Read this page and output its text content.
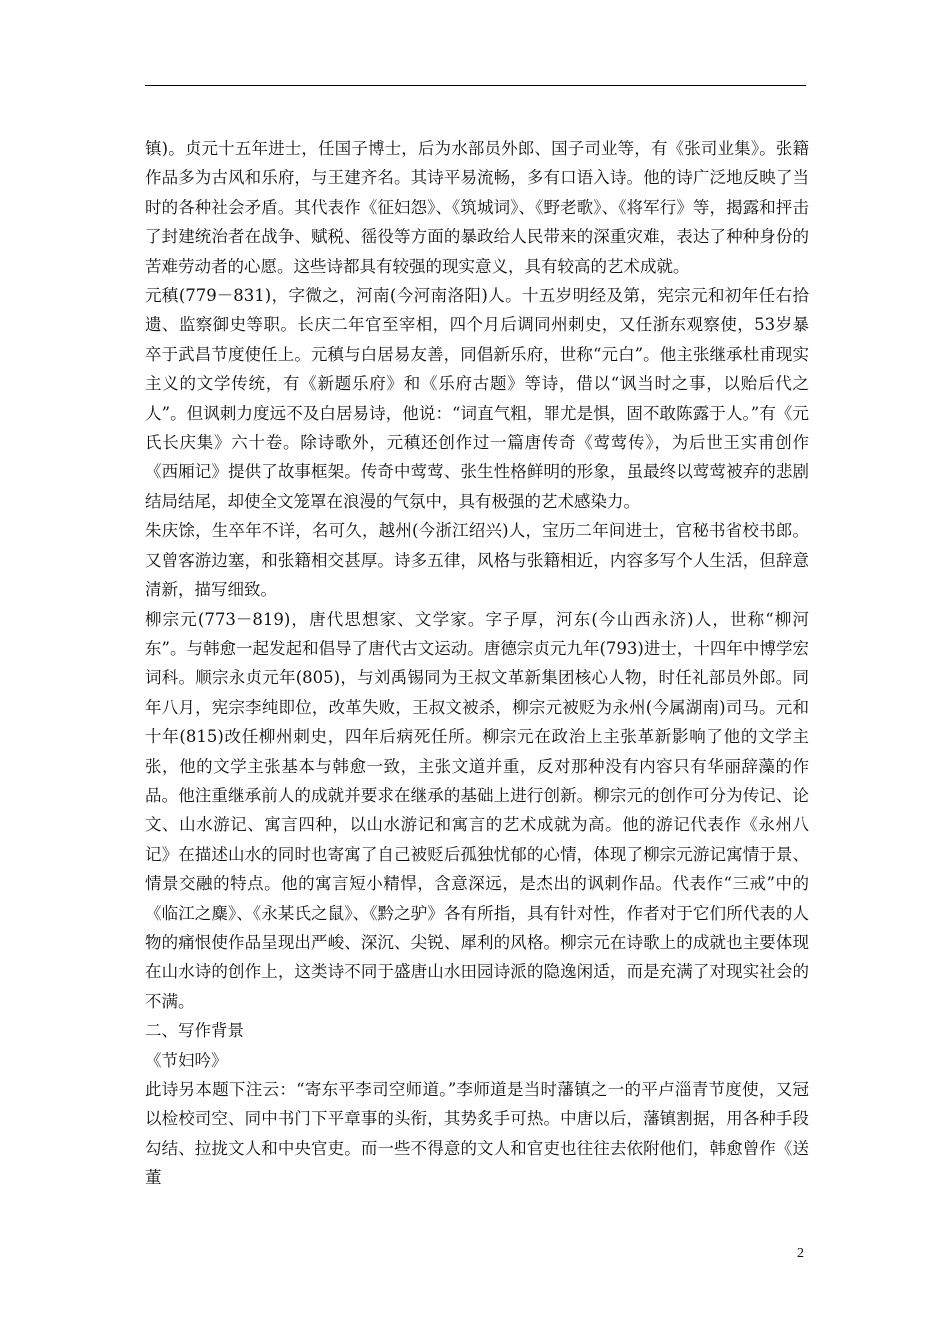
镇)。贞元十五年进士，任国子博士，后为水部员外郎、国子司业等，有《张司业集》。张籍作品多为古风和乐府，与王建齐名。其诗平易流畅，多有口语入诗。他的诗广泛地反映了当时的各种社会矛盾。其代表作《征妇怨》、《筑城词》、《野老歌》、《将军行》等，揭露和抨击了封建统治者在战争、赋税、徭役等方面的暴政给人民带来的深重灾难，表达了种种身份的苦难劳动者的心愿。这些诗都具有较强的现实意义，具有较高的艺术成就。

元稹(779－831)，字微之，河南(今河南洛阳)人。十五岁明经及第，宪宗元和初年任右拾遗、监察御史等职。长庆二年官至宰相，四个月后调同州刺史，又任浙东观察使，53岁暴卒于武昌节度使任上。元稹与白居易友善，同倡新乐府，世称“元白”。他主张继承杜甫现实主义的文学传统，有《新题乐府》和《乐府古题》等诗，借以“讽当时之事，以贻后代之人”。但讽刺力度远不及白居易诗，他说：“词直气粗，罪尤是惧，固不敢陈露于人。”有《元氏长庆集》六十卷。除诗歌外，元稹还创作过一篇唐传奇《莺莺传》，为后世王实甫创作《西厢记》提供了故事框架。传奇中莺莺、张生性格鲜明的形象，虽最终以莺莺被弃的悲剧结局结尾，却使全文笼罩在浪漫的气氛中，具有极强的艺术感染力。

朱庆馀，生卒年不详，名可久，越州(今浙江绍兴)人，宝历二年间进士，官秘书省校书郎。又曾客游边塞，和张籍相交甚厚。诗多五律，风格与张籍相近，内容多写个人生活，但辞意清新，描写细致。

柳宗元(773－819)，唐代思想家、文学家。字子厚，河东(今山西永济)人，世称“柳河东”。与韩愈一起发起和倡导了唐代古文运动。唐德宗贞元九年(793)进士，十四年中博学宏词科。顺宗永贞元年(805)，与刘禹锡同为王叔文革新集团核心人物，时任礼部员外郎。同年八月，宪宗李纯即位，改革失败，王叔文被杀，柳宗元被贬为永州(今属湖南)司马。元和十年(815)改任柳州刺史，四年后病死任所。柳宗元在政治上主张革新影响了他的文学主张，他的文学主张基本与韩愈一致，主张文道并重，反对那种没有内容只有华丽辞藻的作品。他注重继承前人的成就并要求在继承的基础上进行创新。柳宗元的创作可分为传记、论文、山水游记、寓言四种，以山水游记和寓言的艺术成就为高。他的游记代表作《永州八记》在描述山水的同时也寄寓了自己被贬后孤独忧郁的心情，体现了柳宗元游记寓情于景、情景交融的特点。他的寓言短小精悍，含意深远，是杰出的讽刺作品。代表作“三戒”中的《临江之麋》、《永某氏之鼠》、《黔之驴》各有所指，具有针对性，作者对于它们所代表的人物的痛恨使作品呈现出严峻、深沉、尖锐、犀利的风格。柳宗元在诗歌上的成就也主要体现在山水诗的创作上，这类诗不同于盛唐山水田园诗派的隐逸闲适，而是充满了对现实社会的不满。

二、写作背景

《节妇吟》

此诗另本题下注云：“寄东平李司空师道。”李师道是当时藩镇之一的平卢淄青节度使，又冠以检校司空、同中书门下平章事的头衔，其势炙手可热。中唐以后，藩镇割据，用各种手段勾结、拉拢文人和中央官吏。而一些不得意的文人和官吏也往往去依附他们，韩愈曾作《送董

2
